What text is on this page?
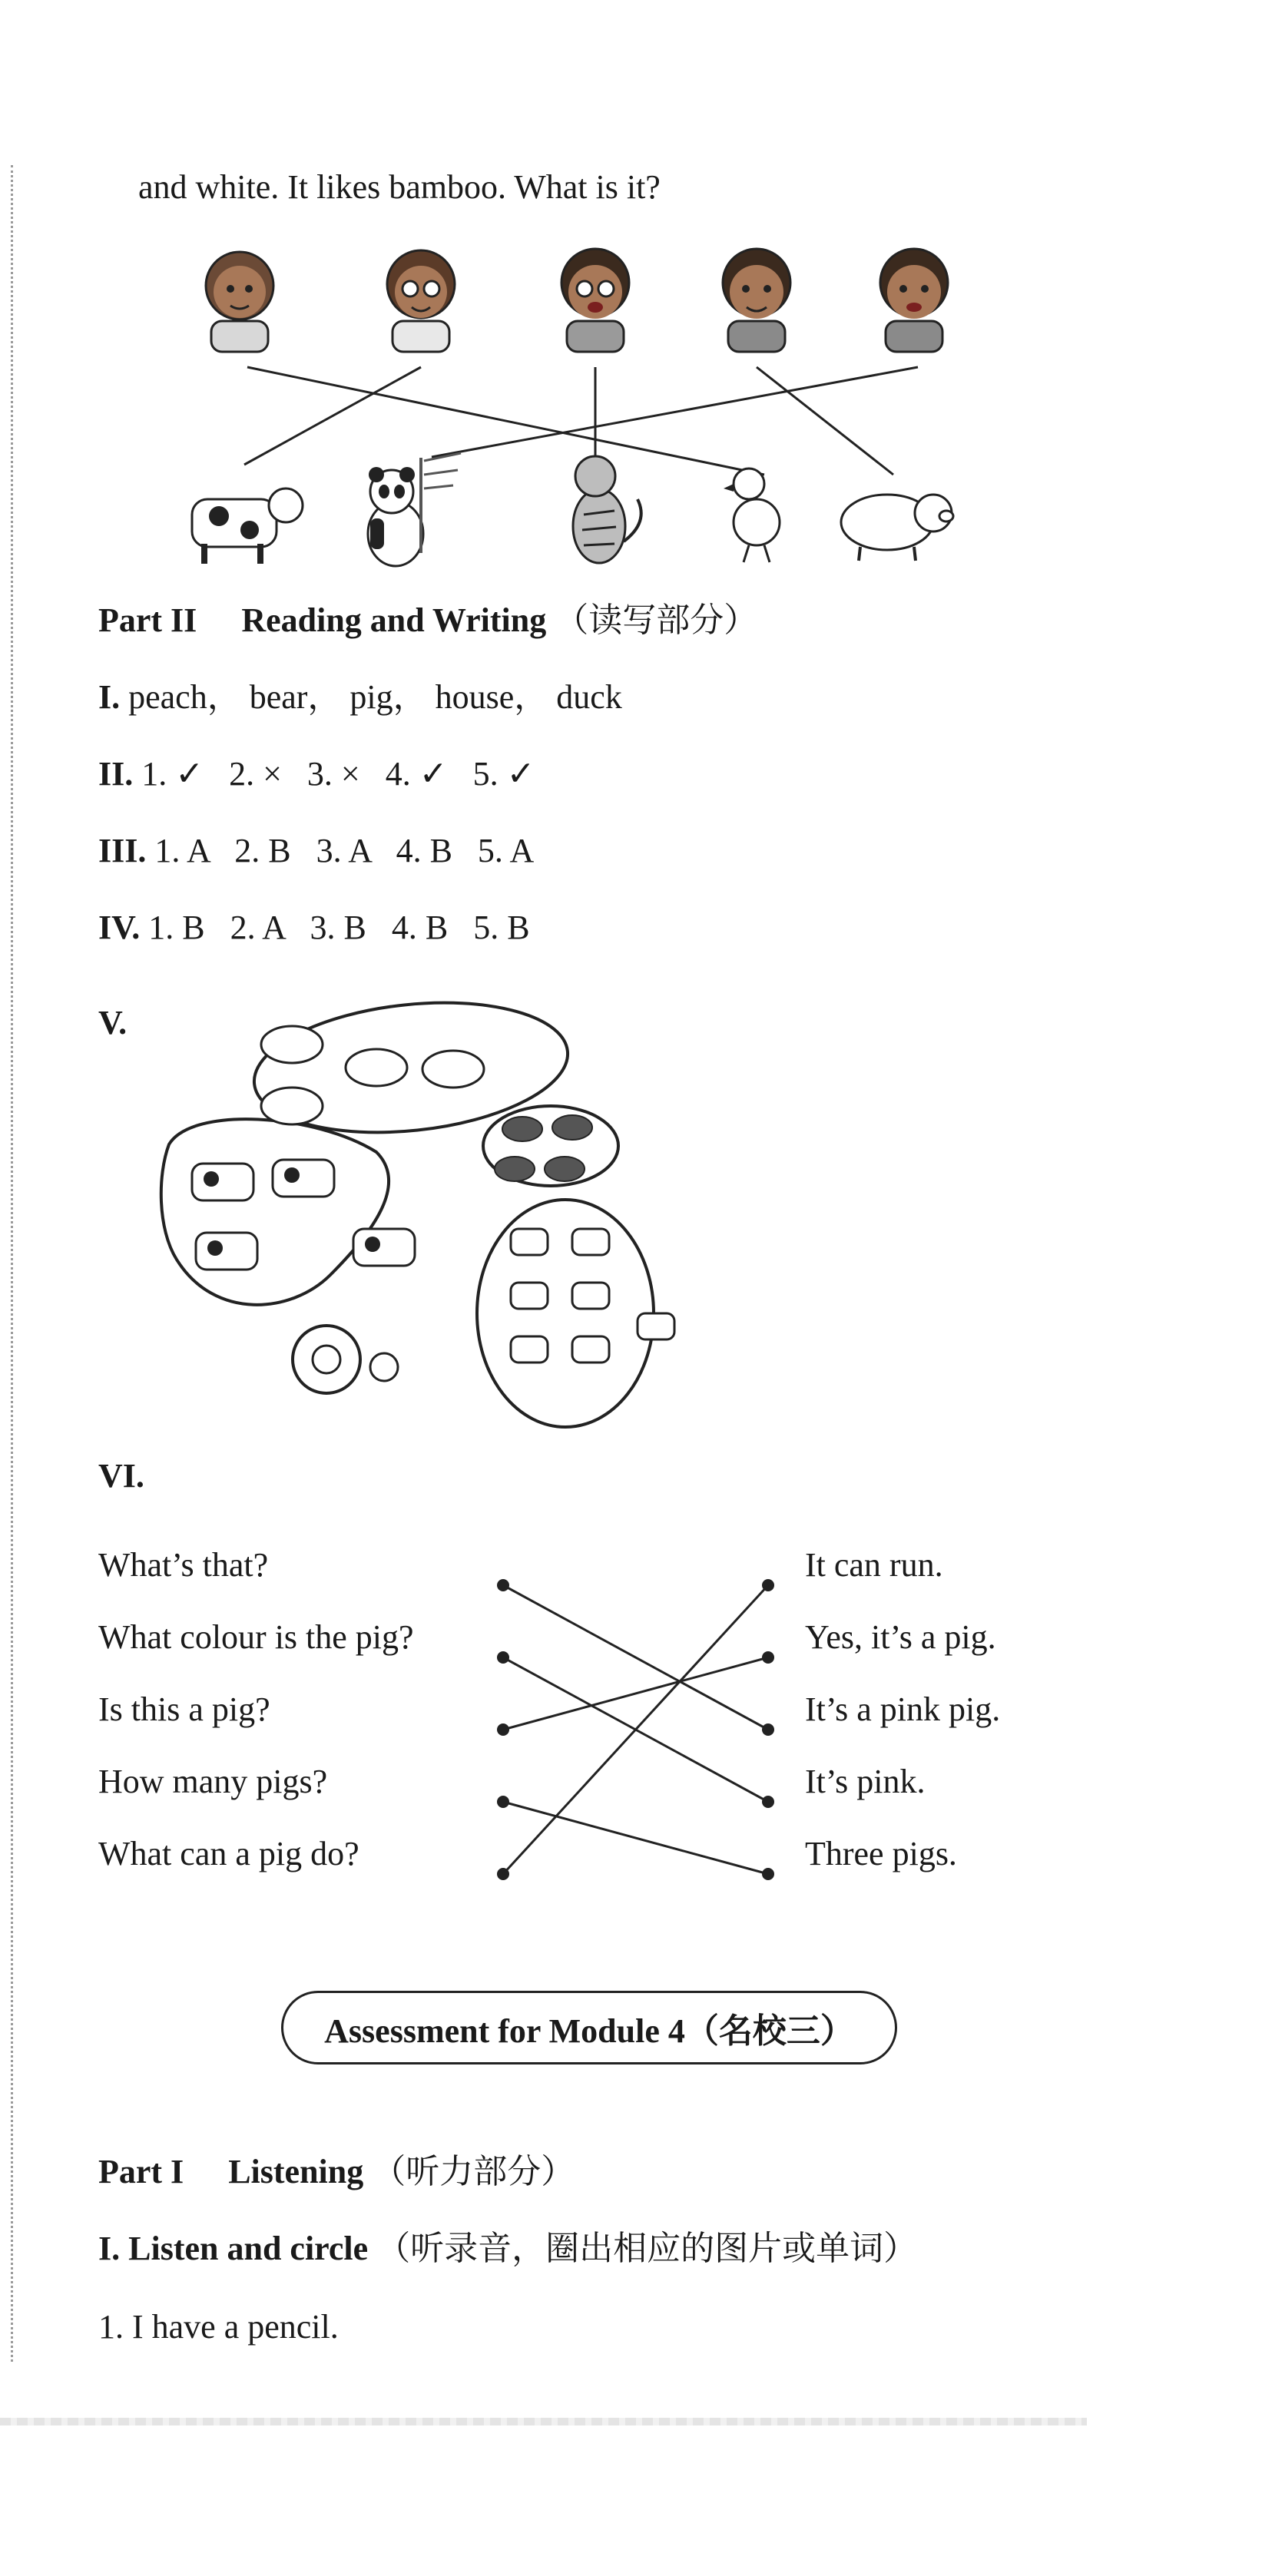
and white. It likes bamboo. What is it?
Part II Reading and Writing （读写部分）
I. peach， bear， pig， house， duck
II. 1. ✓   2. ×   3. ×   4. ✓   5. ✓
III. 1. A   2. B   3. A   4. B   5. A
IV. 1. B   2. A   3. B   4. B   5. B
V.
VI.
What’s that?
What colour is the pig?
Is this a pig?
How many pigs?
What can a pig do?
It can run.
Yes, it’s a pig.
It’s a pink pig.
It’s pink.
Three pigs.
Assessment for Module 4（名校三）
Part I Listening （听力部分）
I. Listen and circle （听录音，圈出相应的图片或单词）
1. I have a pencil.
